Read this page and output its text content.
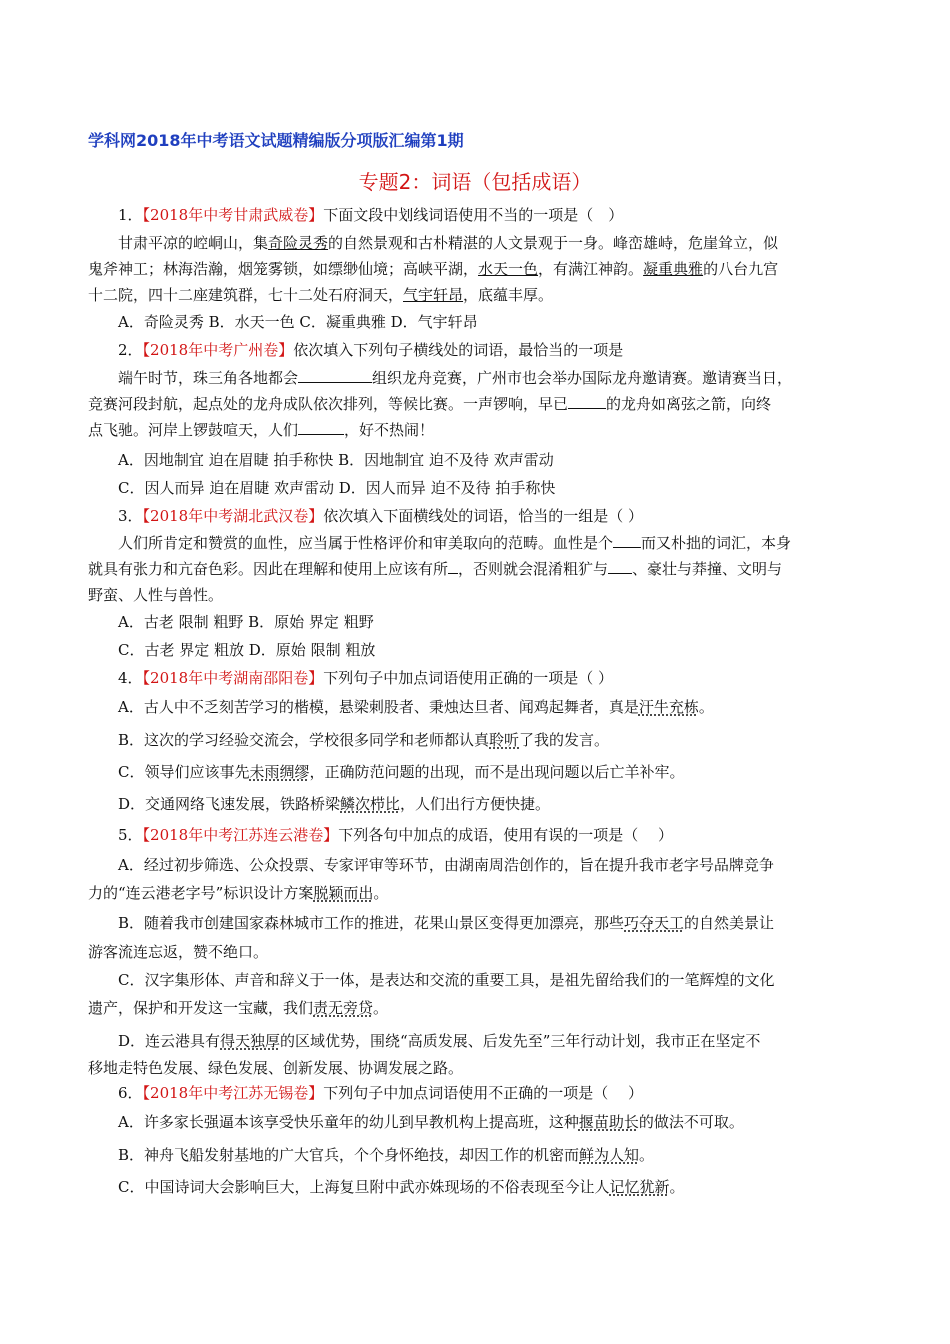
学科网2018年中考语文试题精编版分项版汇编第1期
专题2：词语（包括成语）
1．【2018年中考甘肃武威卷】下面文段中划线词语使用不当的一项是（　）
甘肃平凉的崆峒山，集奇险灵秀的自然景观和古朴精湛的人文景观于一身。峰峦雄峙，危崖耸立，似
鬼斧神工；林海浩瀚，烟笼雾锁，如缥缈仙境；高峡平湖，水天一色，有满江神韵。凝重典雅的八台九宫
十二院，四十二座建筑群，七十二处石府洞天，气宇轩昂，底蕴丰厚。
A．奇险灵秀 B．水天一色 C．凝重典雅 D．气宇轩昂
2．【2018年中考广州卷】依次填入下列句子横线处的词语，最恰当的一项是
端午时节，珠三角各地都会	组织龙舟竞赛，广州市也会举办国际龙舟邀请赛。邀请赛当日，
竞赛河段封航，起点处的龙舟成队依次排列，等候比赛。一声锣响，早已	的龙舟如离弦之箭，向终
点飞驰。河岸上锣鼓喧天，人们	，好不热闹！
A．因地制宜 迫在眉睫 拍手称快 B．因地制宜 迫不及待 欢声雷动
C．因人而异 迫在眉睫 欢声雷动 D．因人而异 迫不及待 拍手称快
3．【2018年中考湖北武汉卷】依次填入下面横线处的词语，恰当的一组是（ ）
人们所肯定和赞赏的血性，应当属于性格评价和审美取向的范畴。血性是个 而又朴拙的词汇，本身
就具有张力和亢奋色彩。因此在理解和使用上应该有所 ，否则就会混淆粗犷与 、豪壮与莽撞、文明与
野蛮、人性与兽性。
A．古老 限制 粗野 B．原始 界定 粗野
C．古老 界定 粗放 D．原始 限制 粗放
4．【2018年中考湖南邵阳卷】下列句子中加点词语使用正确的一项是（ ）
A．古人中不乏刻苦学习的楷模，悬梁刺股者、秉烛达旦者、闻鸡起舞者，真是汗牛充栋。
B．这次的学习经验交流会，学校很多同学和老师都认真聆听了我的发言。
C．领导们应该事先未雨绸缪，正确防范问题的出现，而不是出现问题以后亡羊补牢。
D．交通网络飞速发展，铁路桥梁鳞次栉比，人们出行方便快捷。
5．【2018年中考江苏连云港卷】下列各句中加点的成语，使用有误的一项是（　 ）
A．经过初步筛选、公众投票、专家评审等环节，由湖南周浩创作的，旨在提升我市老字号品牌竞争
力的“连云港老字号”标识设计方案脱颖而出。
B．随着我市创建国家森林城市工作的推进，花果山景区变得更加漂亮，那些巧夺天工的自然美景让
游客流连忘返，赞不绝口。
C．汉字集形体、声音和辞义于一体，是表达和交流的重要工具，是祖先留给我们的一笔辉煌的文化
遗产，保护和开发这一宝藏，我们责无旁贷。
D．连云港具有得天独厚的区域优势，围绕“高质发展、后发先至”三年行动计划，我市正在坚定不
移地走特色发展、绿色发展、创新发展、协调发展之路。
6．【2018年中考江苏无锡卷】下列句子中加点词语使用不正确的一项是（　 ）
A．许多家长强逼本该享受快乐童年的幼儿到早教机构上提高班，这种揠苗助长的做法不可取。
B．神舟飞船发射基地的广大官兵，个个身怀绝技，却因工作的机密而鲜为人知。
C．中国诗词大会影响巨大，上海复旦附中武亦姝现场的不俗表现至今让人记忆犹新。
